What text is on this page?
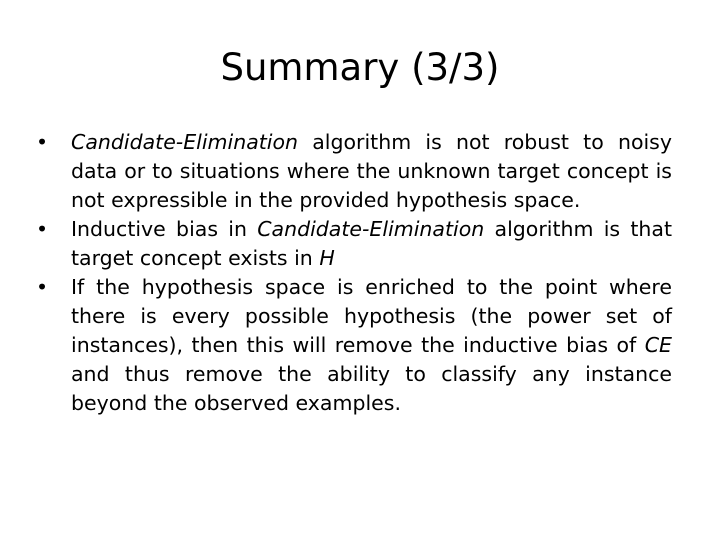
Summary (3/3)
• Candidate-Elimination algorithm is not robust to noisy data or to situations where the unknown target concept is not expressible in the provided hypothesis space.
• Inductive bias in Candidate-Elimination algorithm is that target concept exists in H
• If the hypothesis space is enriched to the point where there is every possible hypothesis (the power set of instances), then this will remove the inductive bias of CE and thus remove the ability to classify any instance beyond the observed examples.
